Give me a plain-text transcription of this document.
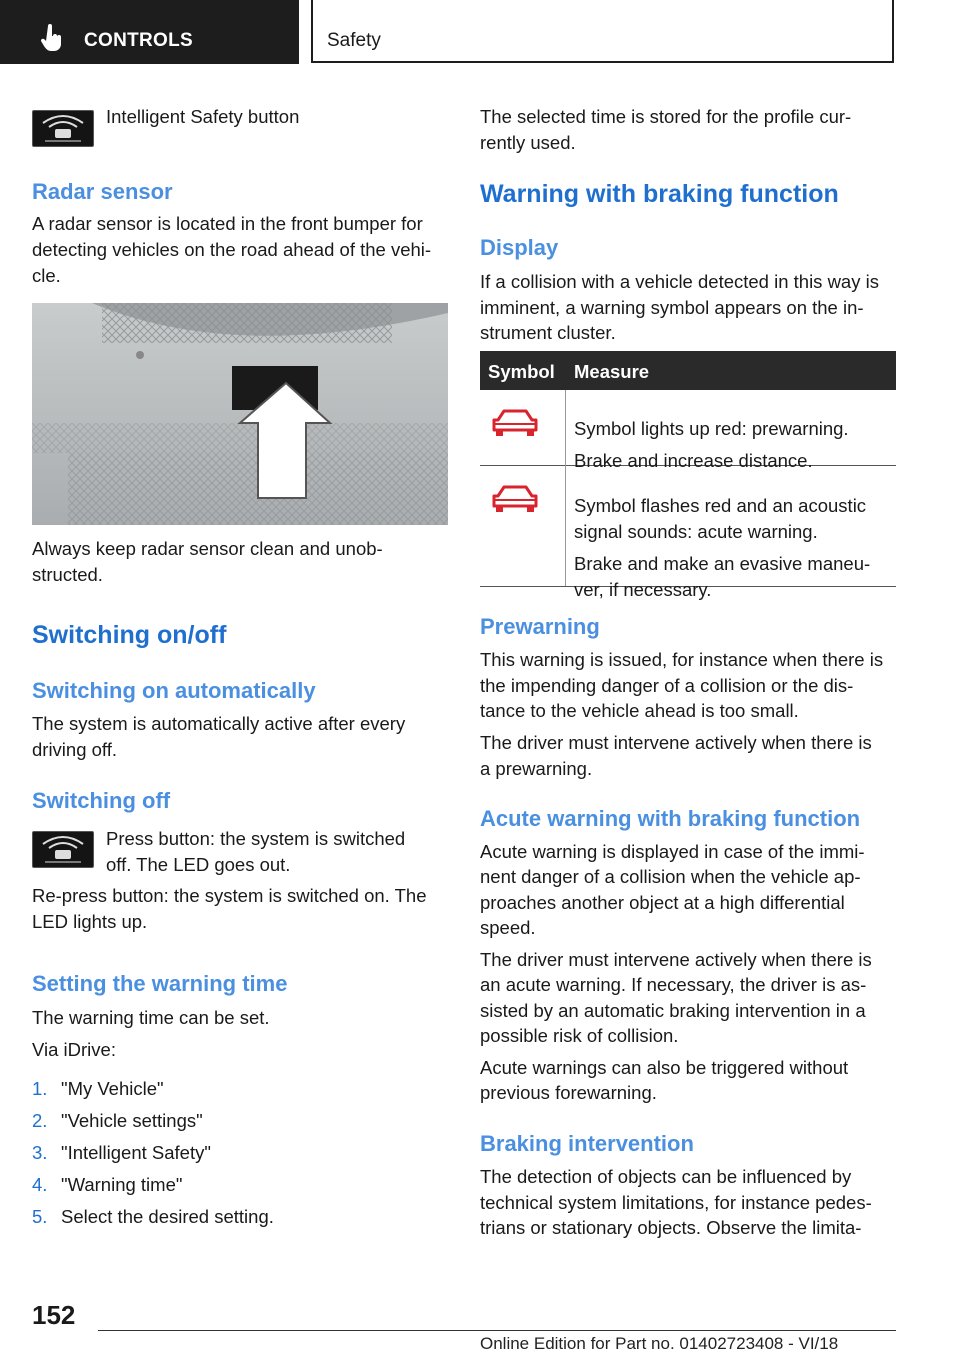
CONTROLS	Safety

Intelligent Safety button

Radar sensor

A radar sensor is located in the front bumper for

detecting vehicles on the road ahead of the vehi-

cle.

Always keep radar sensor clean and unob-

structed.

Switching on/off
Switching on automatically

The system is automatically active after every

driving off.

Switching off

Press button: the system is switched

off. The LED goes out.

Re-press button: the system is switched on. The

LED lights up.

Setting the warning time

The warning time can be set.

Via iDrive:

1. "My Vehicle"
2. "Vehicle settings"
3. "Intelligent Safety"
4. "Warning time"
5. Select the desired setting.

The selected time is stored for the profile cur-

rently used.

Warning with braking function
Display

If a collision with a vehicle detected in this way is

imminent, a warning symbol appears on the in-

strument cluster.

Symbol Measure

Symbol lights up red: prewarning.

Brake and increase distance.

Symbol flashes red and an acoustic

signal sounds: acute warning.

Brake and make an evasive maneu-

ver, if necessary.

Prewarning

This warning is issued, for instance when there is

the impending danger of a collision or the dis-

tance to the vehicle ahead is too small.

The driver must intervene actively when there is

a prewarning.

Acute warning with braking function

Acute warning is displayed in case of the immi-

nent danger of a collision when the vehicle ap-

proaches another object at a high differential

speed.

The driver must intervene actively when there is

an acute warning. If necessary, the driver is as-

sisted by an automatic braking intervention in a

possible risk of collision.

Acute warnings can also be triggered without

previous forewarning.

Braking intervention

The detection of objects can be influenced by

technical system limitations, for instance pedes-

trians or stationary objects. Observe the limita-

152
Online Edition for Part no. 01402723408 - VI/18
